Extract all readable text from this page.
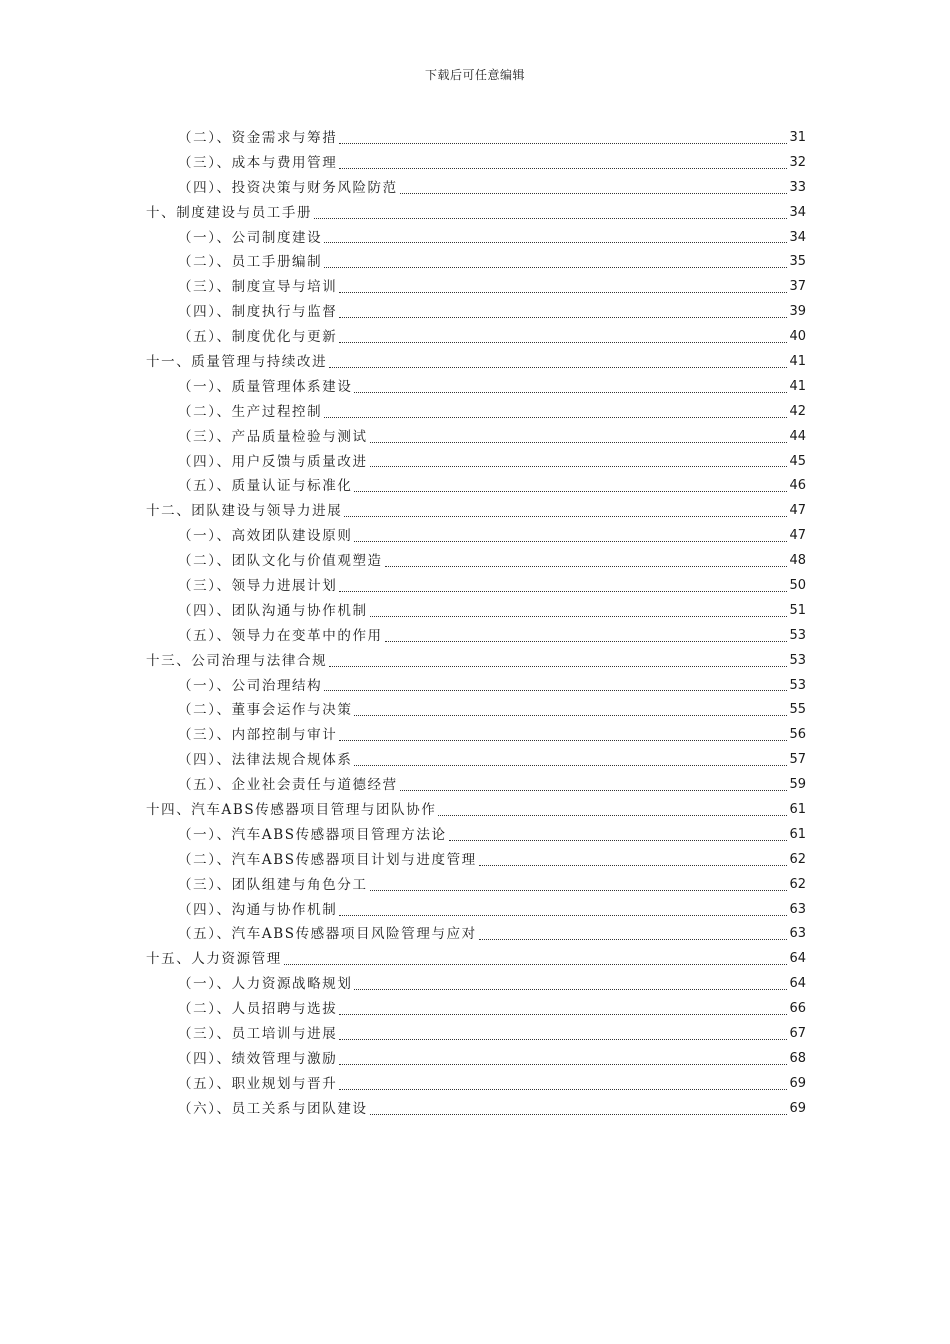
下载后可任意编辑
（二）、资金需求与筹措	31
（三）、成本与费用管理	32
（四）、投资决策与财务风险防范	33
十、制度建设与员工手册	34
（一）、公司制度建设	34
（二）、员工手册编制	35
（三）、制度宣导与培训	37
（四）、制度执行与监督	39
（五）、制度优化与更新	40
十一、质量管理与持续改进	41
（一）、质量管理体系建设	41
（二）、生产过程控制	42
（三）、产品质量检验与测试	44
（四）、用户反馈与质量改进	45
（五）、质量认证与标准化	46
十二、团队建设与领导力进展	47
（一）、高效团队建设原则	47
（二）、团队文化与价值观塑造	48
（三）、领导力进展计划	50
（四）、团队沟通与协作机制	51
（五）、领导力在变革中的作用	53
十三、公司治理与法律合规	53
（一）、公司治理结构	53
（二）、董事会运作与决策	55
（三）、内部控制与审计	56
（四）、法律法规合规体系	57
（五）、企业社会责任与道德经营	59
十四、汽车ABS传感器项目管理与团队协作	61
（一）、汽车ABS传感器项目管理方法论	61
（二）、汽车ABS传感器项目计划与进度管理	62
（三）、团队组建与角色分工	62
（四）、沟通与协作机制	63
（五）、汽车ABS传感器项目风险管理与应对	63
十五、人力资源管理	64
（一）、人力资源战略规划	64
（二）、人员招聘与选拔	66
（三）、员工培训与进展	67
（四）、绩效管理与激励	68
（五）、职业规划与晋升	69
（六）、员工关系与团队建设	69
